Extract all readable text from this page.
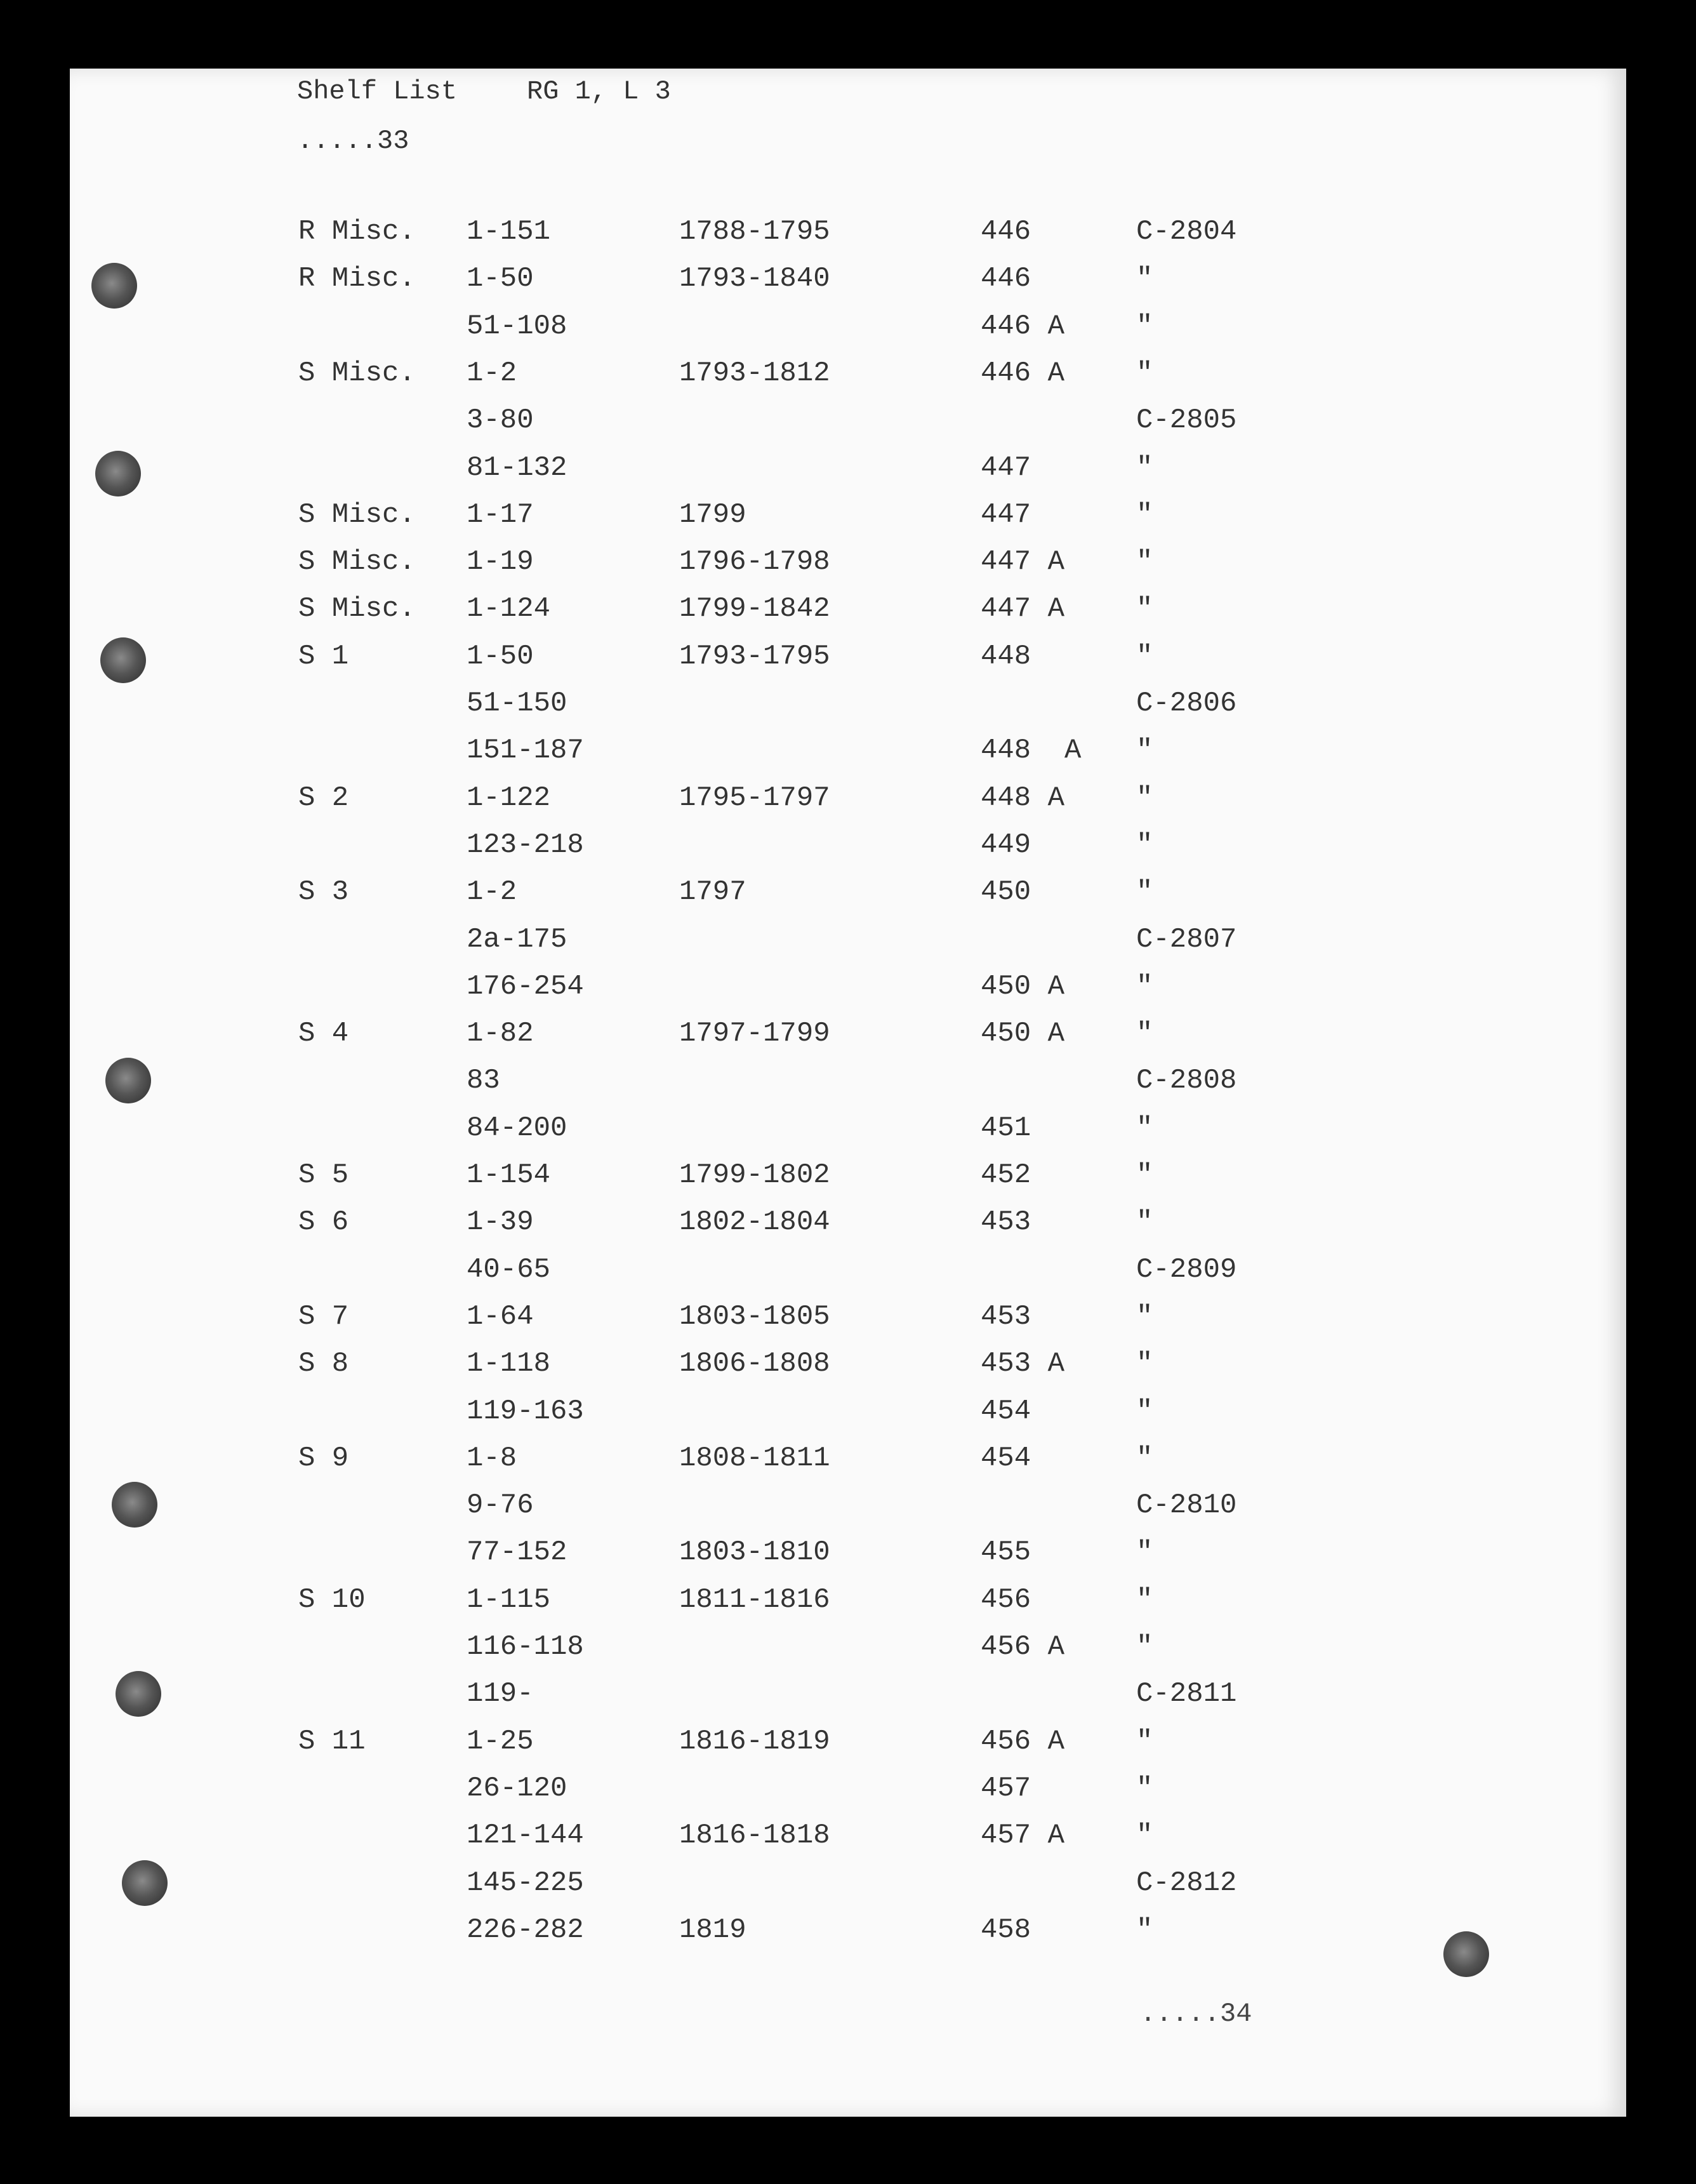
Shelf List	RG 1, L 3
.....33
R Misc. 1-151	1788-1795	446	C-2804
R Misc. 1-50	1793-1840	446	"
51-108	446 A	"
S Misc. 1-2	1793-1812	446 A	"
3-80	C-2805
81-132	447	"
S Misc. 1-17	1799	447	"
S Misc. 1-19	1796-1798	447 A	"
S Misc. 1-124	1799-1842	447 A	"
S 1	1-50	1793-1795	448	"
51-150	C-2806
151-187	448  A "
S 2	1-122	1795-1797	448 A	"
123-218	449	"
S 3	1-2	1797	450	"
2a-175	C-2807
176-254	450 A	"
S 4	1-82	1797-1799	450 A	"
83	C-2808
84-200	451	"
S 5	1-154	1799-1802	452	"
S 6	1-39	1802-1804	453	"
40-65	C-2809
S 7	1-64	1803-1805	453	"
S 8	1-118	1806-1808	453 A	"
119-163	454	"
S 9	1-8	1808-1811	454	"
9-76	C-2810
77-152	1803-1810	455	"
S 10	1-115	1811-1816	456	"
116-118	456 A	"
119-	C-2811
S 11	1-25	1816-1819	456 A	"
26-120	457	"
121-144	1816-1818	457 A	"
145-225	C-2812
226-282	1819	458	"
.....34
